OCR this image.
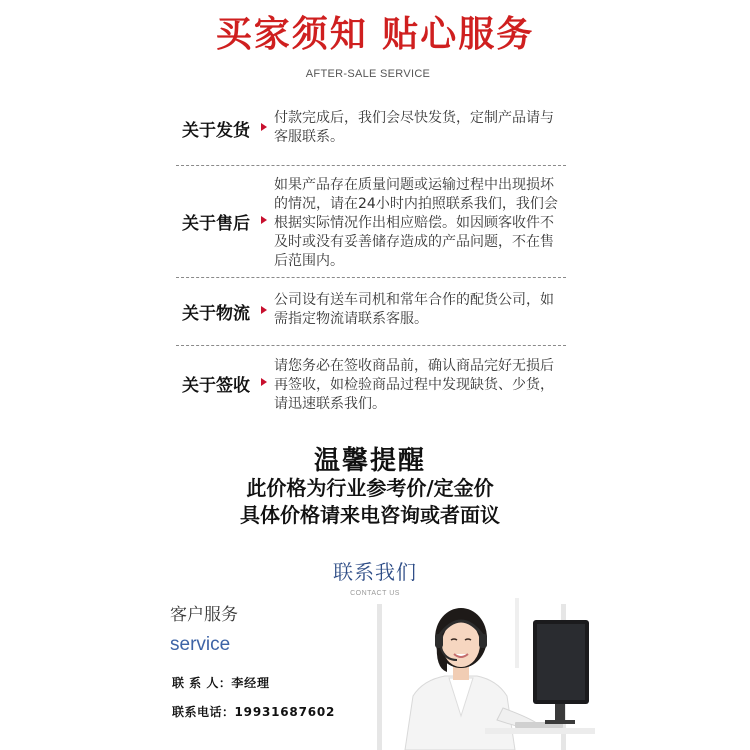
买家须知 贴心服务
AFTER-SALE SERVICE
关于发货
付款完成后，我们会尽快发货，定制产品请与客服联系。
关于售后
如果产品存在质量问题或运输过程中出现损坏的情况，请在24小时内拍照联系我们，我们会根据实际情况作出相应赔偿。如因顾客收件不及时或没有妥善储存造成的产品问题，不在售后范围内。
关于物流
公司设有送车司机和常年合作的配货公司，如需指定物流请联系客服。
关于签收
请您务必在签收商品前，确认商品完好无损后再签收，如检验商品过程中发现缺货、少货，请迅速联系我们。
温馨提醒
此价格为行业参考价/定金价
具体价格请来电咨询或者面议
联系我们
CONTACT US
客户服务
service
联 系 人：李经理
联系电话：19931687602
